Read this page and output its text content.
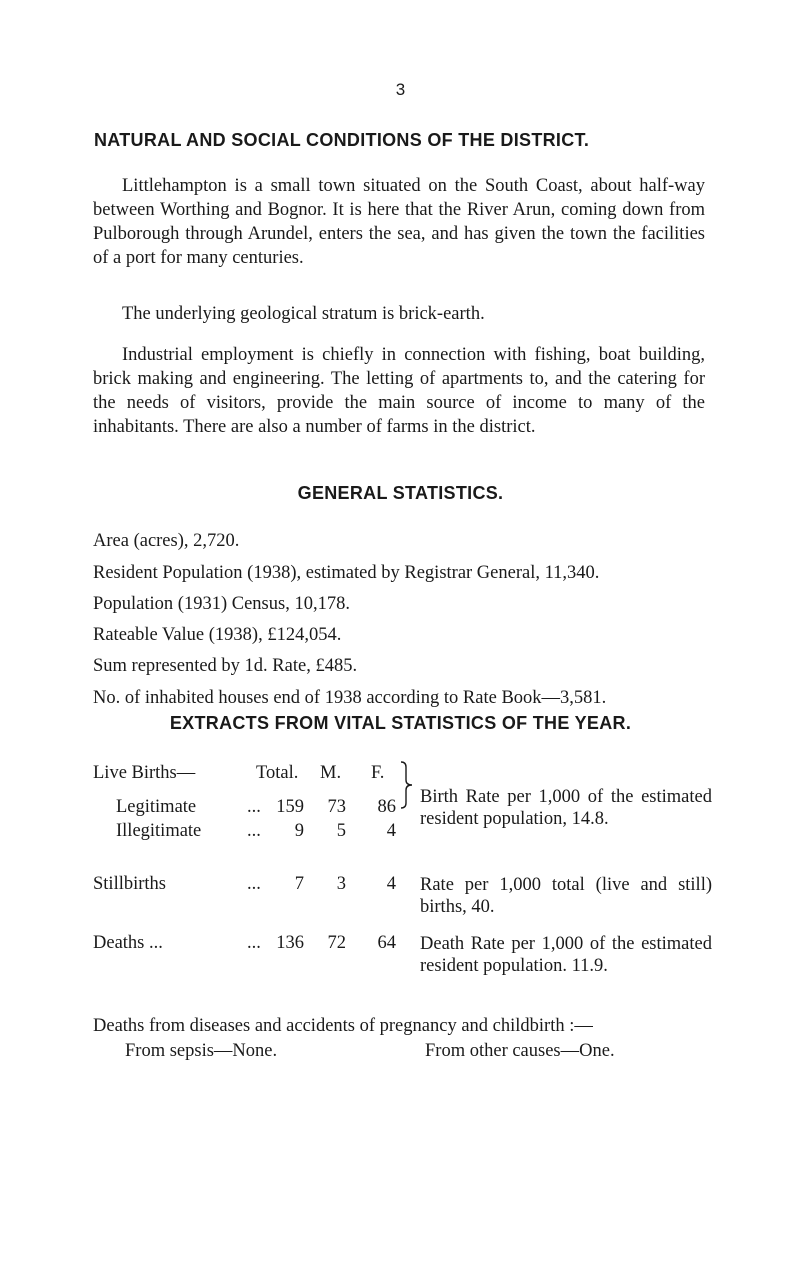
3
NATURAL AND SOCIAL CONDITIONS OF THE DISTRICT.

Littlehampton is a small town situated on the South Coast, about half-way between Worthing and Bognor. It is here that the River Arun, coming down from Pulborough through Arundel, enters the sea, and has given the town the facilities of a port for many centuries.

The underlying geological stratum is brick-earth.

Industrial employment is chiefly in connection with fishing, boat building, brick making and engineering. The letting of apartments to, and the catering for the needs of visitors, provide the main source of income to many of the inhabitants. There are also a number of farms in the district.

GENERAL STATISTICS.

Area (acres), 2,720.

Resident Population (1938), estimated by Registrar General, 11,340.

Population (1931) Census, 10,178.

Rateable Value (1938), £124,054.

Sum represented by 1d. Rate, £485.

No. of inhabited houses end of 1938 according to Rate Book—3,581.

EXTRACTS FROM VITAL STATISTICS OF THE YEAR.
Live Births—	Total. M. F.
Legitimate	... 159	73	86
Illegitimate ...	9	5	4
Birth Rate per 1,000 of the estimated resident population, 14.8.
Stillbirths	...	7	3	4 Rate per 1,000 total (live and still) births, 40.
Deaths ...	... 136	72	64 Death Rate per 1,000 of the estimated resident population. 11.9.
Deaths from diseases and accidents of pregnancy and childbirth :—
From sepsis—None.	From other causes—One.
